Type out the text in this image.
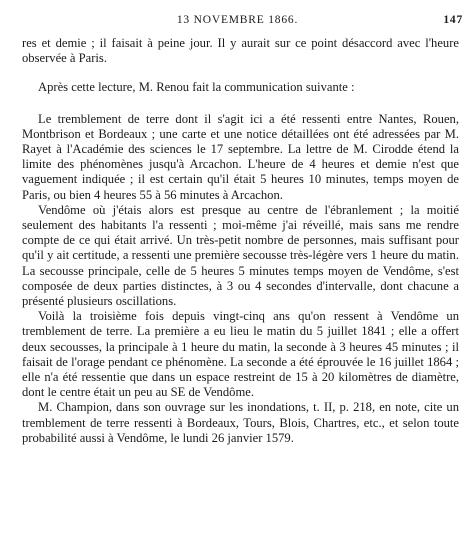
13 NOVEMBRE 1866.	147

res et demie ; il faisait à peine jour. Il y aurait sur ce point désaccord avec l'heure observée à Paris.

Après cette lecture, M. Renou fait la communication suivante :

Le tremblement de terre dont il s'agit ici a été ressenti entre Nantes, Rouen, Montbrison et Bordeaux ; une carte et une notice détaillées ont été adressées par M. Rayet à l'Académie des sciences le 17 septembre. La lettre de M. Cirodde étend la limite des phénomènes jusqu'à Arcachon. L'heure de 4 heures et demie n'est que vaguement indiquée ; il est certain qu'il était 5 heures 10 minutes, temps moyen de Paris, ou bien 4 heures 55 à 56 minutes à Arcachon.

Vendôme où j'étais alors est presque au centre de l'ébranlement ; la moitié seulement des habitants l'a ressenti ; moi-même j'ai réveillé, mais sans me rendre compte de ce qui était arrivé. Un très-petit nombre de personnes, mais suffisant pour qu'il y ait certitude, a ressenti une première secousse très-légère vers 1 heure du matin. La secousse principale, celle de 5 heures 5 minutes temps moyen de Vendôme, s'est composée de deux parties distinctes, à 3 ou 4 secondes d'intervalle, dont chacune a présenté plusieurs oscillations.

Voilà la troisième fois depuis vingt-cinq ans qu'on ressent à Vendôme un tremblement de terre. La première a eu lieu le matin du 5 juillet 1841 ; elle a offert deux secousses, la principale à 1 heure du matin, la seconde à 3 heures 45 minutes ; il faisait de l'orage pendant ce phénomène. La seconde a été éprouvée le 16 juillet 1864 ; elle n'a été ressentie que dans un espace restreint de 15 à 20 kilomètres de diamètre, dont le centre était un peu au SE de Vendôme.

M. Champion, dans son ouvrage sur les inondations, t. II, p. 218, en note, cite un tremblement de terre ressenti à Bordeaux, Tours, Blois, Chartres, etc., et selon toute probabilité aussi à Vendôme, le lundi 26 janvier 1579.
